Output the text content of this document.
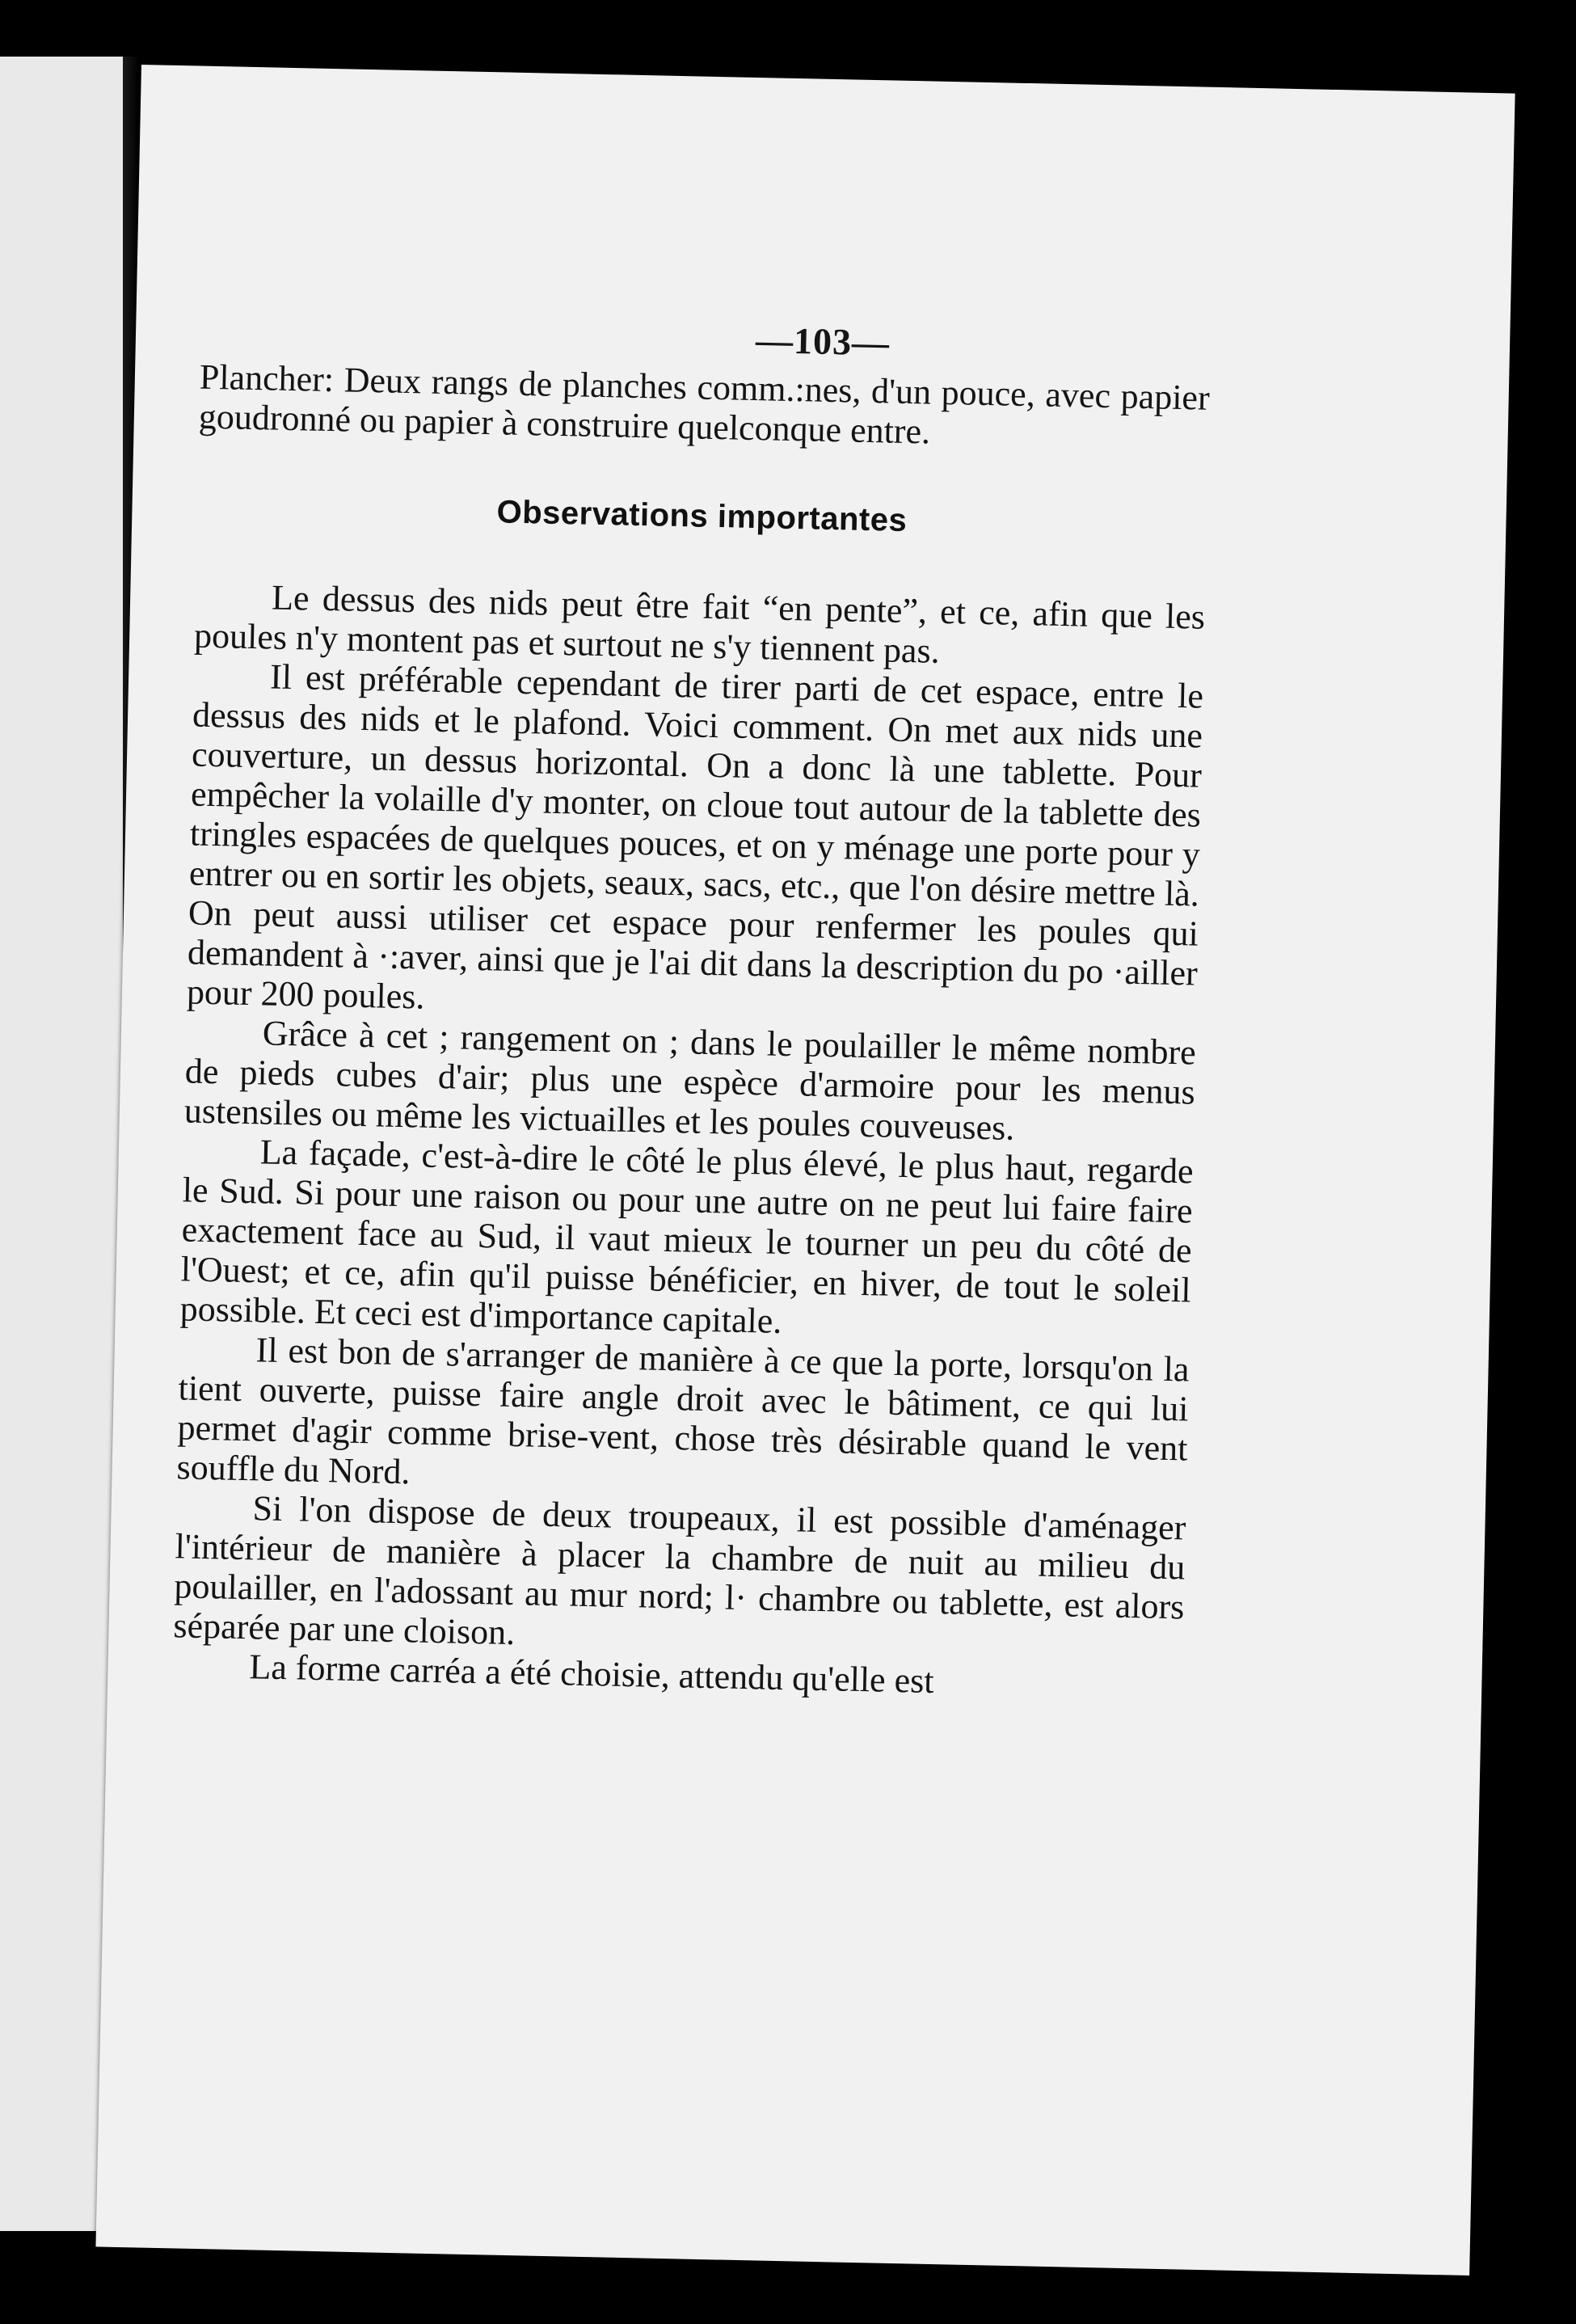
—103—

Plancher: Deux rangs de planches comm.:nes, d'un pouce, avec papier goudronné ou papier à construire quelconque entre.

Observations importantes

Le dessus des nids peut être fait “en pente”, et ce, afin que les poules n'y montent pas et surtout ne s'y tiennent pas.

Il est préférable cependant de tirer parti de cet espace, entre le dessus des nids et le plafond. Voici comment. On met aux nids une couverture, un dessus horizontal. On a donc là une tablette. Pour empêcher la volaille d'y monter, on cloue tout autour de la tablette des tringles espacées de quelques pouces, et on y ménage une porte pour y entrer ou en sortir les objets, seaux, sacs, etc., que l'on désire mettre là. On peut aussi utiliser cet espace pour renfermer les poules qui demandent à ·:aver, ainsi que je l'ai dit dans la description du po ·ailler pour 200 poules.

Grâce à cet ; rangement on ; dans le poulailler le même nombre de pieds cubes d'air; plus une espèce d'armoire pour les menus ustensiles ou même les victuailles et les poules couveuses.

La façade, c'est-à-dire le côté le plus élevé, le plus haut, regarde le Sud. Si pour une raison ou pour une autre on ne peut lui faire faire exactement face au Sud, il vaut mieux le tourner un peu du côté de l'Ouest; et ce, afin qu'il puisse bénéficier, en hiver, de tout le soleil possible. Et ceci est d'importance capitale.

Il est bon de s'arranger de manière à ce que la porte, lorsqu'on la tient ouverte, puisse faire angle droit avec le bâtiment, ce qui lui permet d'agir comme brise-vent, chose très désirable quand le vent souffle du Nord.

Si l'on dispose de deux troupeaux, il est possible d'aménager l'intérieur de manière à placer la chambre de nuit au milieu du poulailler, en l'adossant au mur nord; l· chambre ou tablette, est alors séparée par une cloison.

La forme carréa a été choisie, attendu qu'elle est
